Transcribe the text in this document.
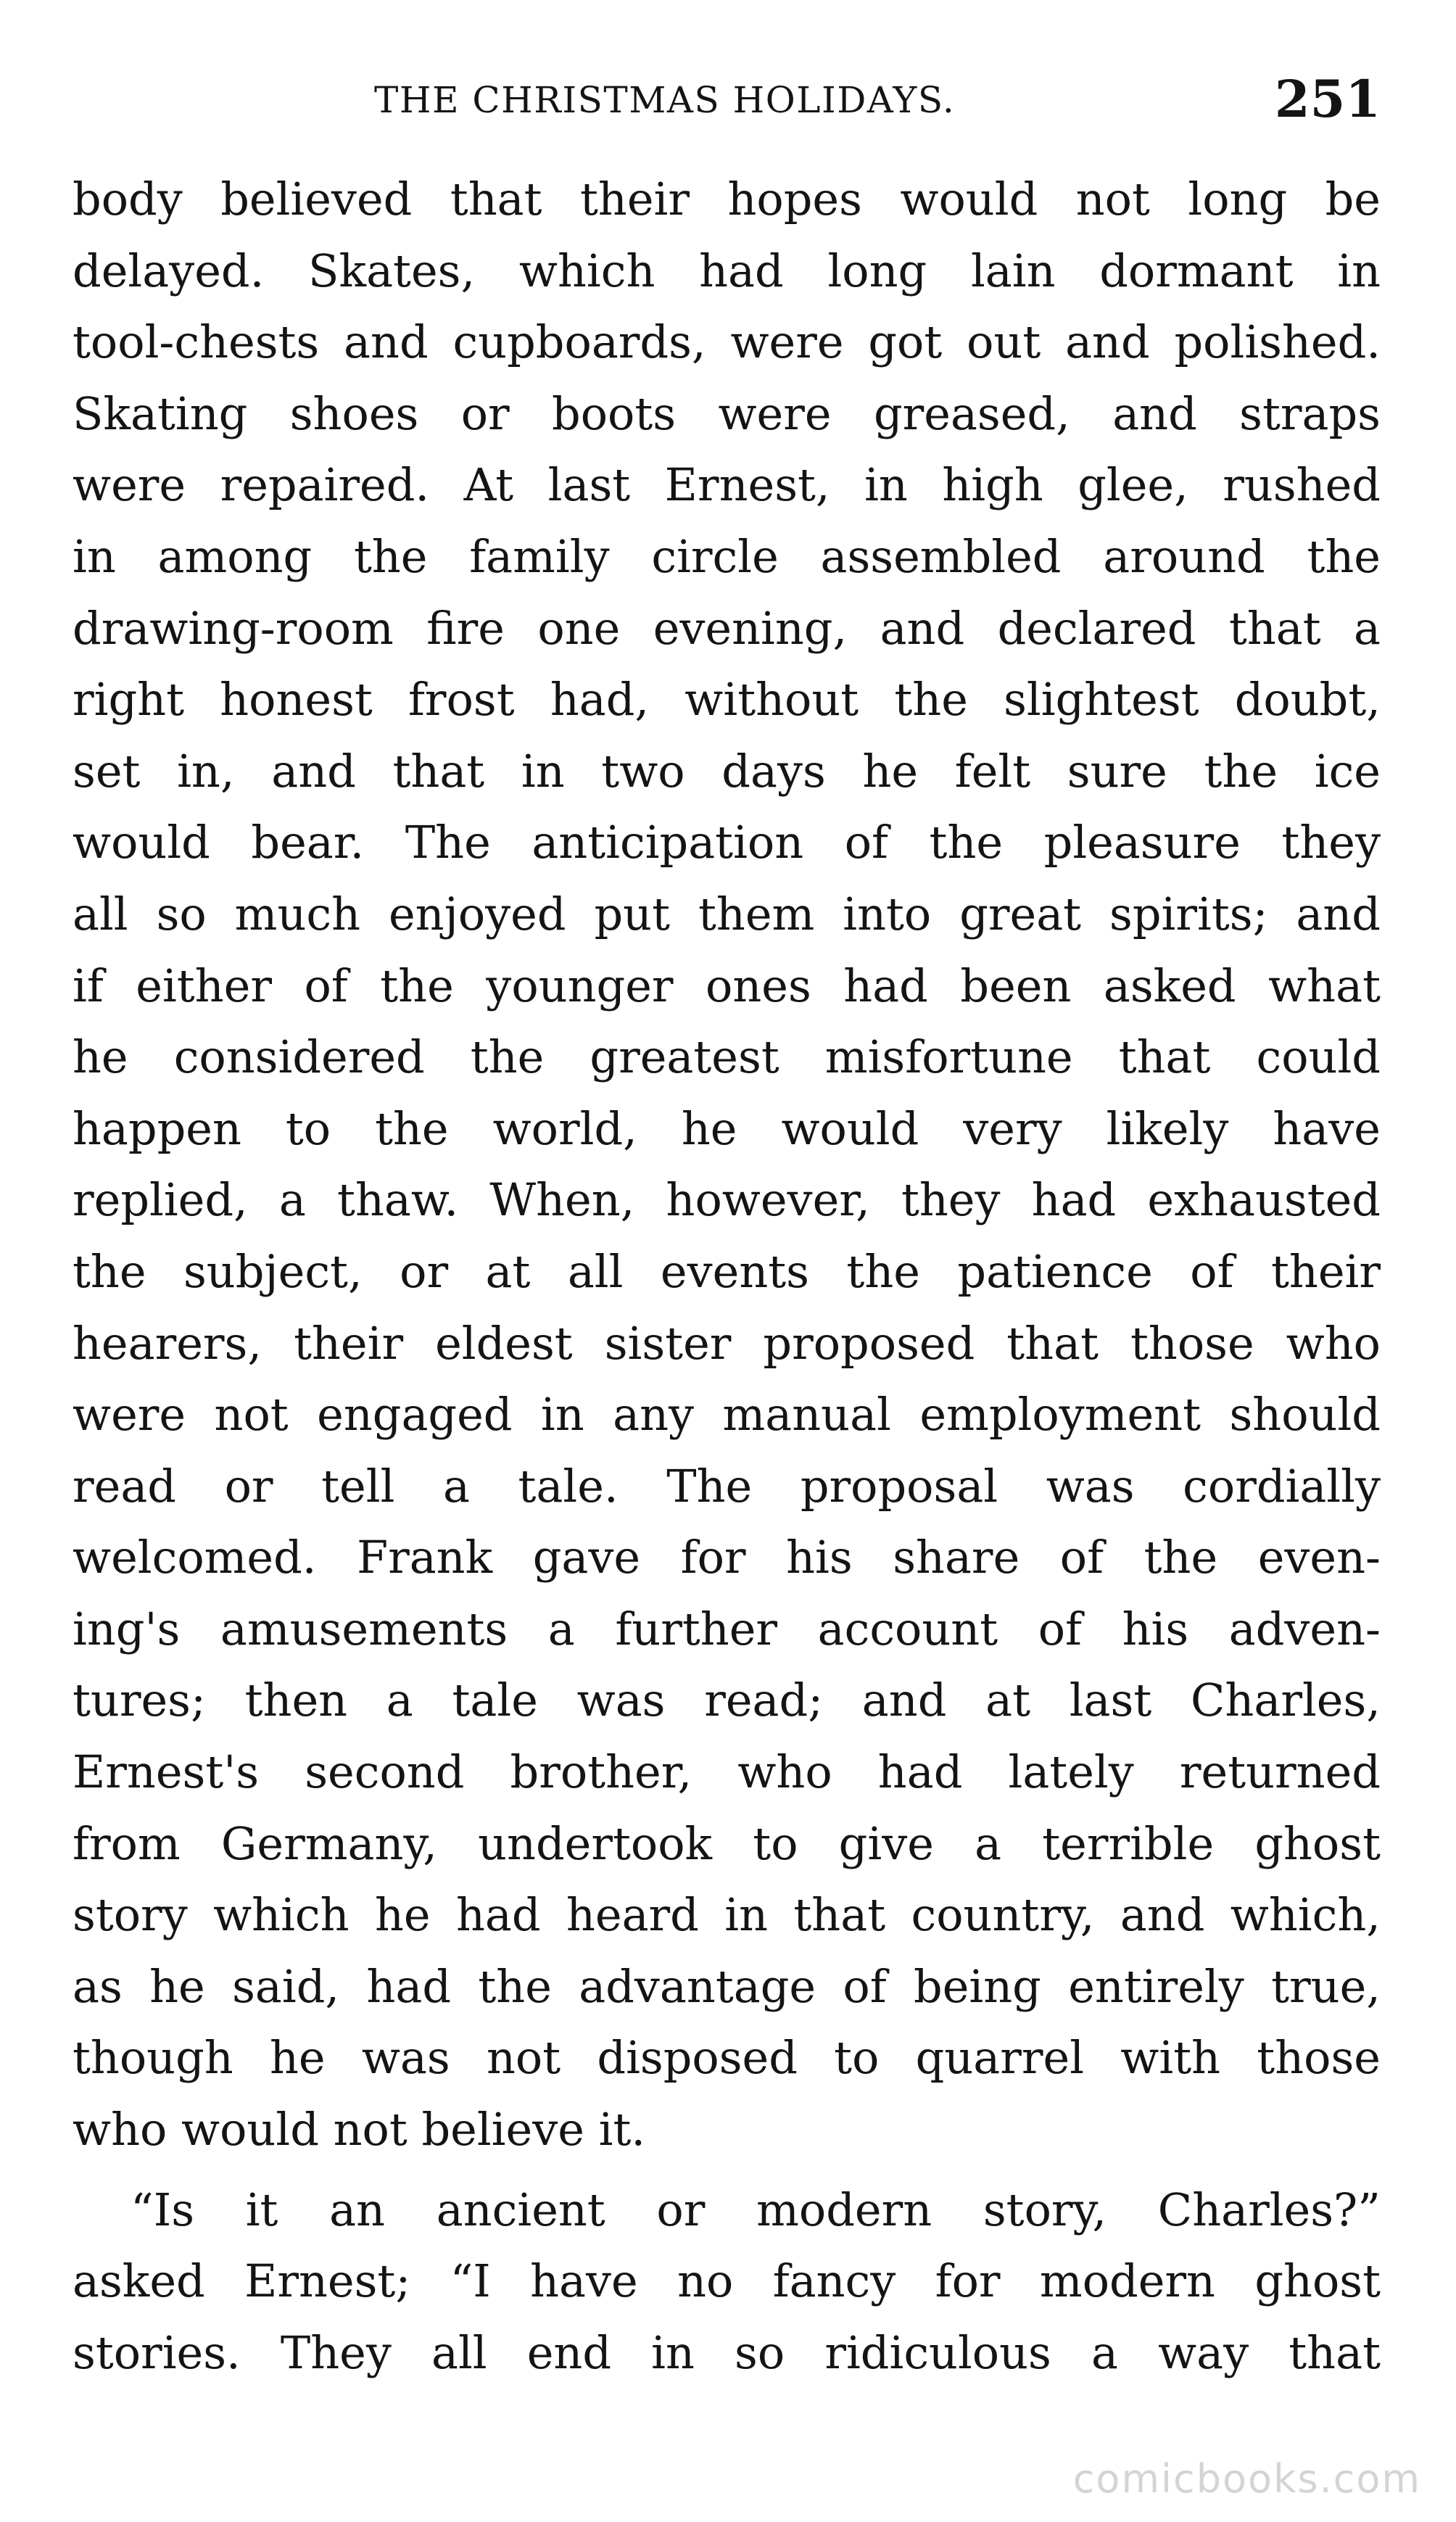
THE CHRISTMAS HOLIDAYS.	251
body believed that their hopes would not long be
delayed. Skates, which had long lain dormant in
tool-chests and cupboards, were got out and polished.
Skating shoes or boots were greased, and straps
were repaired. At last Ernest, in high glee, rushed
in among the family circle assembled around the
drawing-room fire one evening, and declared that a
right honest frost had, without the slightest doubt,
set in, and that in two days he felt sure the ice
would bear. The anticipation of the pleasure they
all so much enjoyed put them into great spirits; and
if either of the younger ones had been asked what
he considered the greatest misfortune that could
happen to the world, he would very likely have
replied, a thaw. When, however, they had exhausted
the subject, or at all events the patience of their
hearers, their eldest sister proposed that those who
were not engaged in any manual employment should
read or tell a tale. The proposal was cordially
welcomed. Frank gave for his share of the even-
ing's amusements a further account of his adven-
tures; then a tale was read; and at last Charles,
Ernest's second brother, who had lately returned
from Germany, undertook to give a terrible ghost
story which he had heard in that country, and which,
as he said, had the advantage of being entirely true,
though he was not disposed to quarrel with those
who would not believe it.
“Is it an ancient or modern story, Charles?”
asked Ernest; “I have no fancy for modern ghost
stories. They all end in so ridiculous a way that
comicbooks.com
